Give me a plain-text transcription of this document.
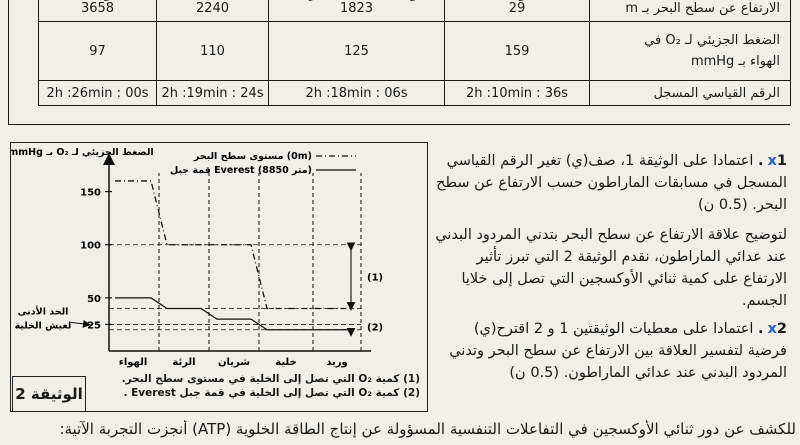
3658	2240	1823	29	الارتفاع عن سطح البحر بـ m
97	110	125	159	الضغط الجزيئي لـ O₂ في
الهواء بـ mmHg

2h :26min : 00s	2h :19min : 24s	2h :18min : 06s	2h :10min : 36s	الرقم القياسي المسجل
الضغط الجزيئي لـ O₂ بـ mmHg	مستوى سطح البحر (0m)
قمة جبل Everest (8850 متر)
150
100
50
25
الهواء	الرئة شريان	خلية	وريد
(1)
(2)
الحد الأدنى
لعيش الخلية
الوثيقة 2
(1) كمية O₂ التي تصل إلى الخلية في مستوى سطح البحر.
(2) كمية O₂ التي تصل إلى الخلية في قمة جبل Everest .
x1. اعتمادا على الوثيقة 1، صف(ي) تغير الرقم القياسي المسجل في مسابقات الماراطون حسب الارتفاع عن سطح البحر. (0.5 ن)
لتوضيح علاقة الارتفاع عن سطح البحر بتدني المردود البدني عند عدائي الماراطون، نقدم الوثيقة 2 التي تبرز تأثير الارتفاع على كمية ثنائي الأوكسجين التي تصل إلى خلايا الجسم.
x2. اعتمادا على معطيات الوثيقتين 1 و 2 اقترح(ي) فرضية لتفسير العلاقة بين الارتفاع عن سطح البحر وتدني المردود البدني عند عدائي الماراطون. (0.5 ن)
للكشف عن دور ثنائي الأوكسجين في التفاعلات التنفسية المسؤولة عن إنتاج الطاقة الخلوية (ATP) أنجزت التجربة الآتية:
